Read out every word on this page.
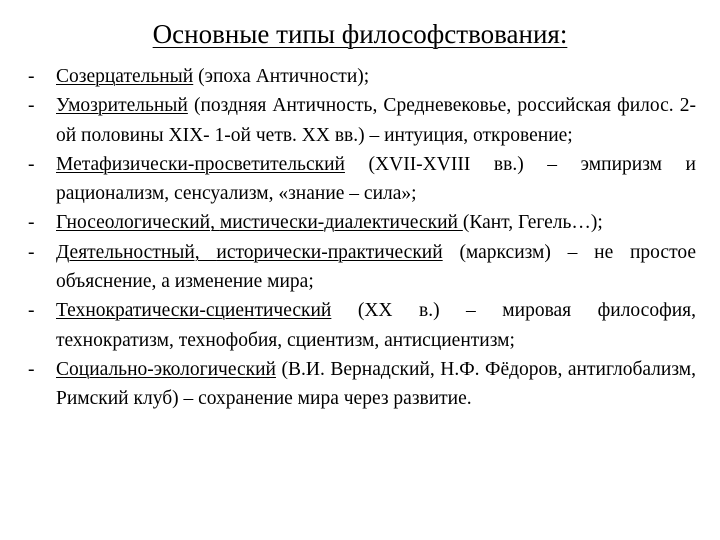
Основные типы философствования:
- Созерцательный (эпоха Античности);
- Умозрительный (поздняя Античность, Средневековье, российская филос. 2-ой половины XIX- 1-ой четв. XX вв.) – интуиция, откровение;
- Метафизически-просветительский (XVII-XVIII вв.) – эмпиризм и рационализм, сенсуализм, «знание – сила»;
- Гносеологический, мистически-диалектический (Кант, Гегель…);
- Деятельностный, исторически-практический (марксизм) – не простое объяснение, а изменение мира;
- Технократически-сциентический (XX в.) – мировая философия, технократизм, технофобия, сциентизм, антисциентизм;
- Социально-экологический (В.И. Вернадский, Н.Ф. Фёдоров, антиглобализм, Римский клуб) – сохранение мира через развитие.
